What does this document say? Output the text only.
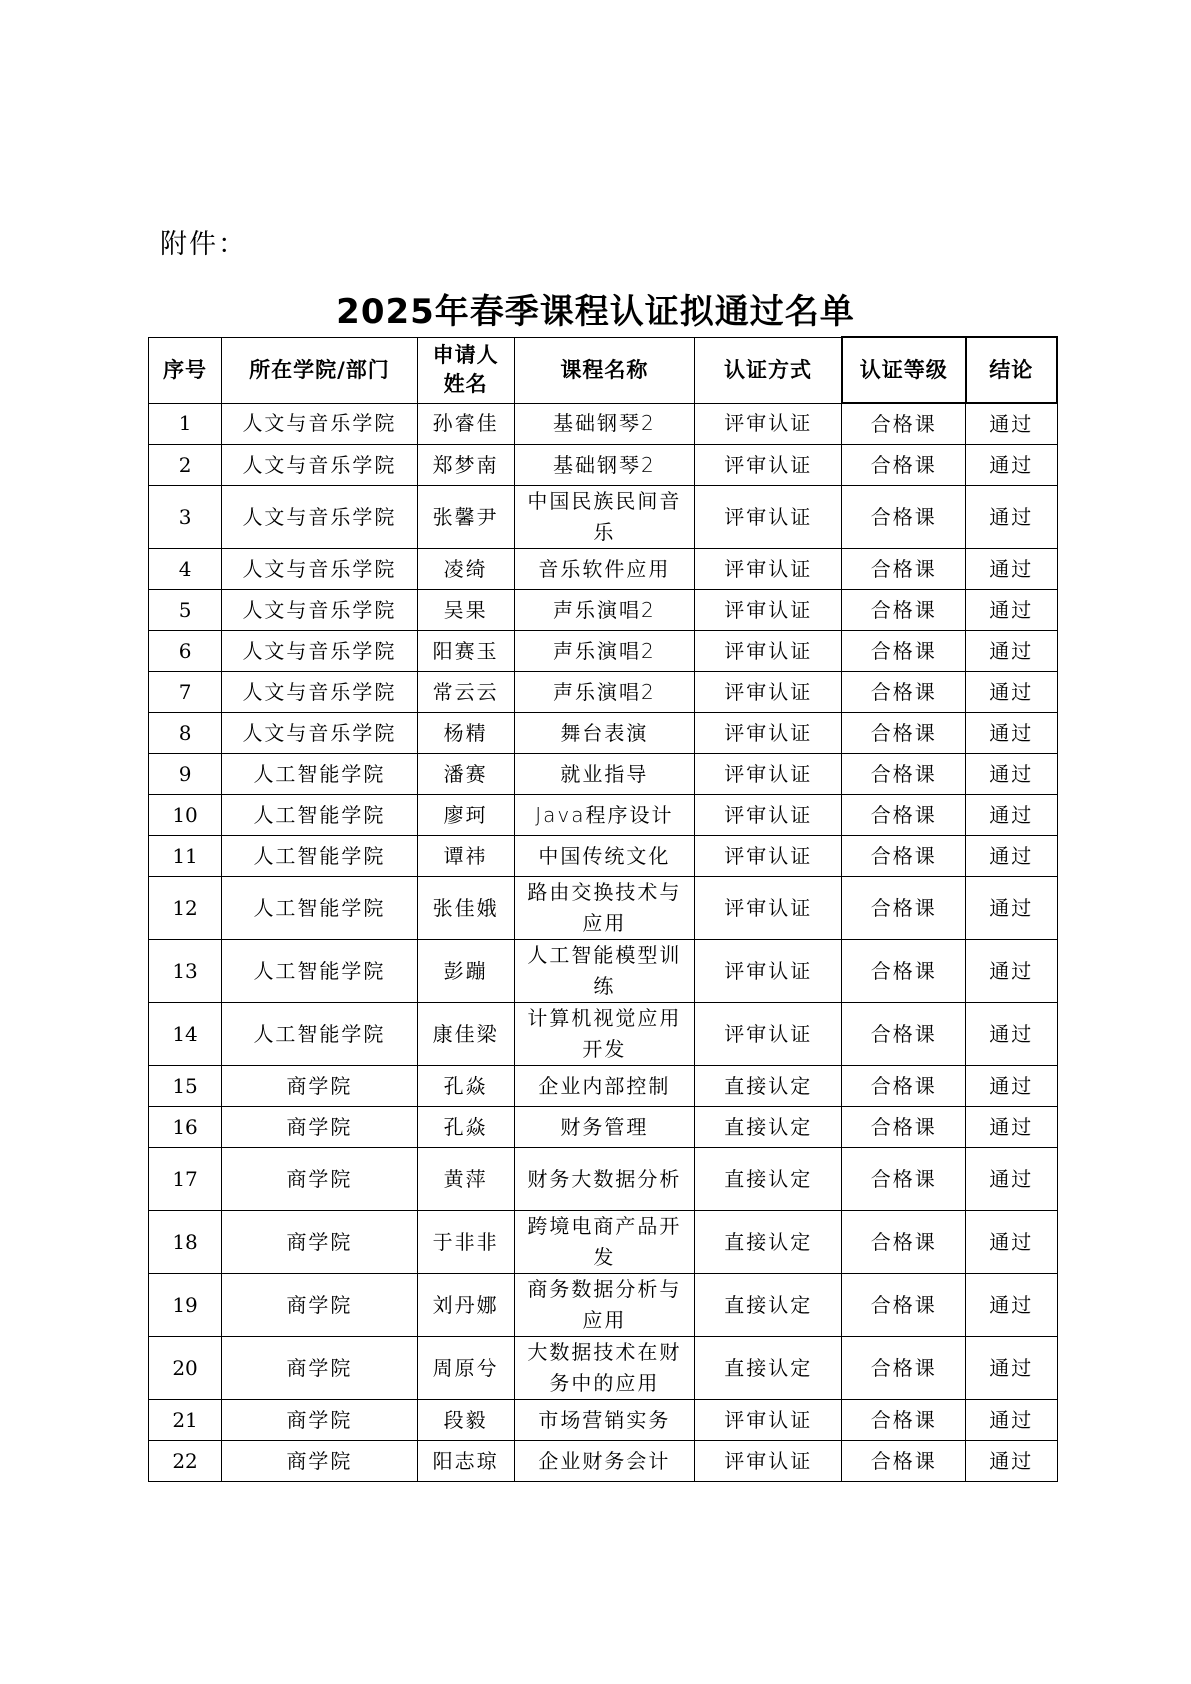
附件：
2025年春季课程认证拟通过名单
序号	所在学院/部门	申请人姓名	课程名称	认证方式	认证等级	结论
1	人文与音乐学院	孙睿佳	基础钢琴2	评审认证	合格课	通过
2	人文与音乐学院	郑梦南	基础钢琴2	评审认证	合格课	通过
3	人文与音乐学院	张馨尹	中国民族民间音乐	评审认证	合格课	通过
4	人文与音乐学院	凌绮	音乐软件应用	评审认证	合格课	通过
5	人文与音乐学院	吴果	声乐演唱2	评审认证	合格课	通过
6	人文与音乐学院	阳赛玉	声乐演唱2	评审认证	合格课	通过
7	人文与音乐学院	常云云	声乐演唱2	评审认证	合格课	通过
8	人文与音乐学院	杨精	舞台表演	评审认证	合格课	通过
9	人工智能学院	潘赛	就业指导	评审认证	合格课	通过
10	人工智能学院	廖珂	Java程序设计	评审认证	合格课	通过
11	人工智能学院	谭祎	中国传统文化	评审认证	合格课	通过
12	人工智能学院	张佳娥	路由交换技术与应用	评审认证	合格课	通过
13	人工智能学院	彭蹦	人工智能模型训练	评审认证	合格课	通过
14	人工智能学院	康佳梁	计算机视觉应用开发	评审认证	合格课	通过
15	商学院	孔焱	企业内部控制	直接认定	合格课	通过
16	商学院	孔焱	财务管理	直接认定	合格课	通过
17	商学院	黄萍	财务大数据分析	直接认定	合格课	通过
18	商学院	于非非	跨境电商产品开发	直接认定	合格课	通过
19	商学院	刘丹娜	商务数据分析与应用	直接认定	合格课	通过
20	商学院	周原兮	大数据技术在财务中的应用	直接认定	合格课	通过
21	商学院	段毅	市场营销实务	评审认证	合格课	通过
22	商学院	阳志琼	企业财务会计	评审认证	合格课	通过
